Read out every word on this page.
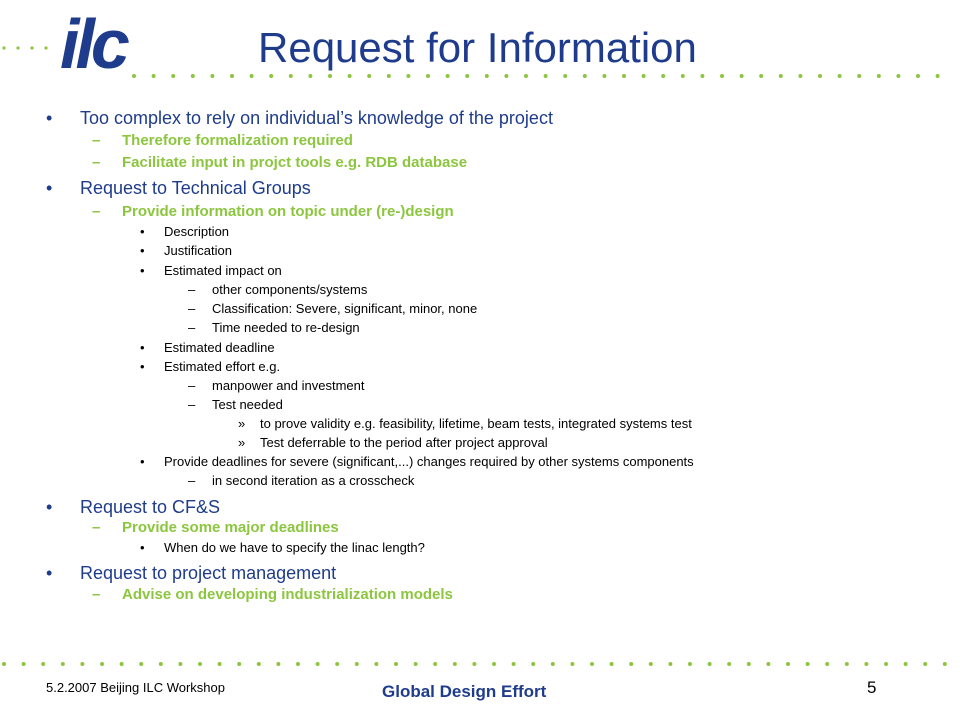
ilc	Request for Information
• Too complex to rely on individual’s knowledge of the project
– Therefore formalization required
– Facilitate input in projct tools e.g. RDB database
• Request to Technical Groups
– Provide information on topic under (re-)design
• Description
• Justification
• Estimated impact on
– other components/systems
– Classification: Severe, significant, minor, none
– Time needed to re-design
• Estimated deadline
• Estimated effort e.g.
– manpower and investment
– Test needed
» to prove validity e.g. feasibility, lifetime, beam tests, integrated systems test
» Test deferrable to the period after project approval
• Provide deadlines for severe (significant,...) changes required by other systems components
– in second iteration as a crosscheck
• Request to CF&S
– Provide some major deadlines
• When do we have to specify the linac length?
• Request to project management
– Advise on developing industrialization models
5.2.2007 Beijing ILC Workshop	Global Design Effort	5
